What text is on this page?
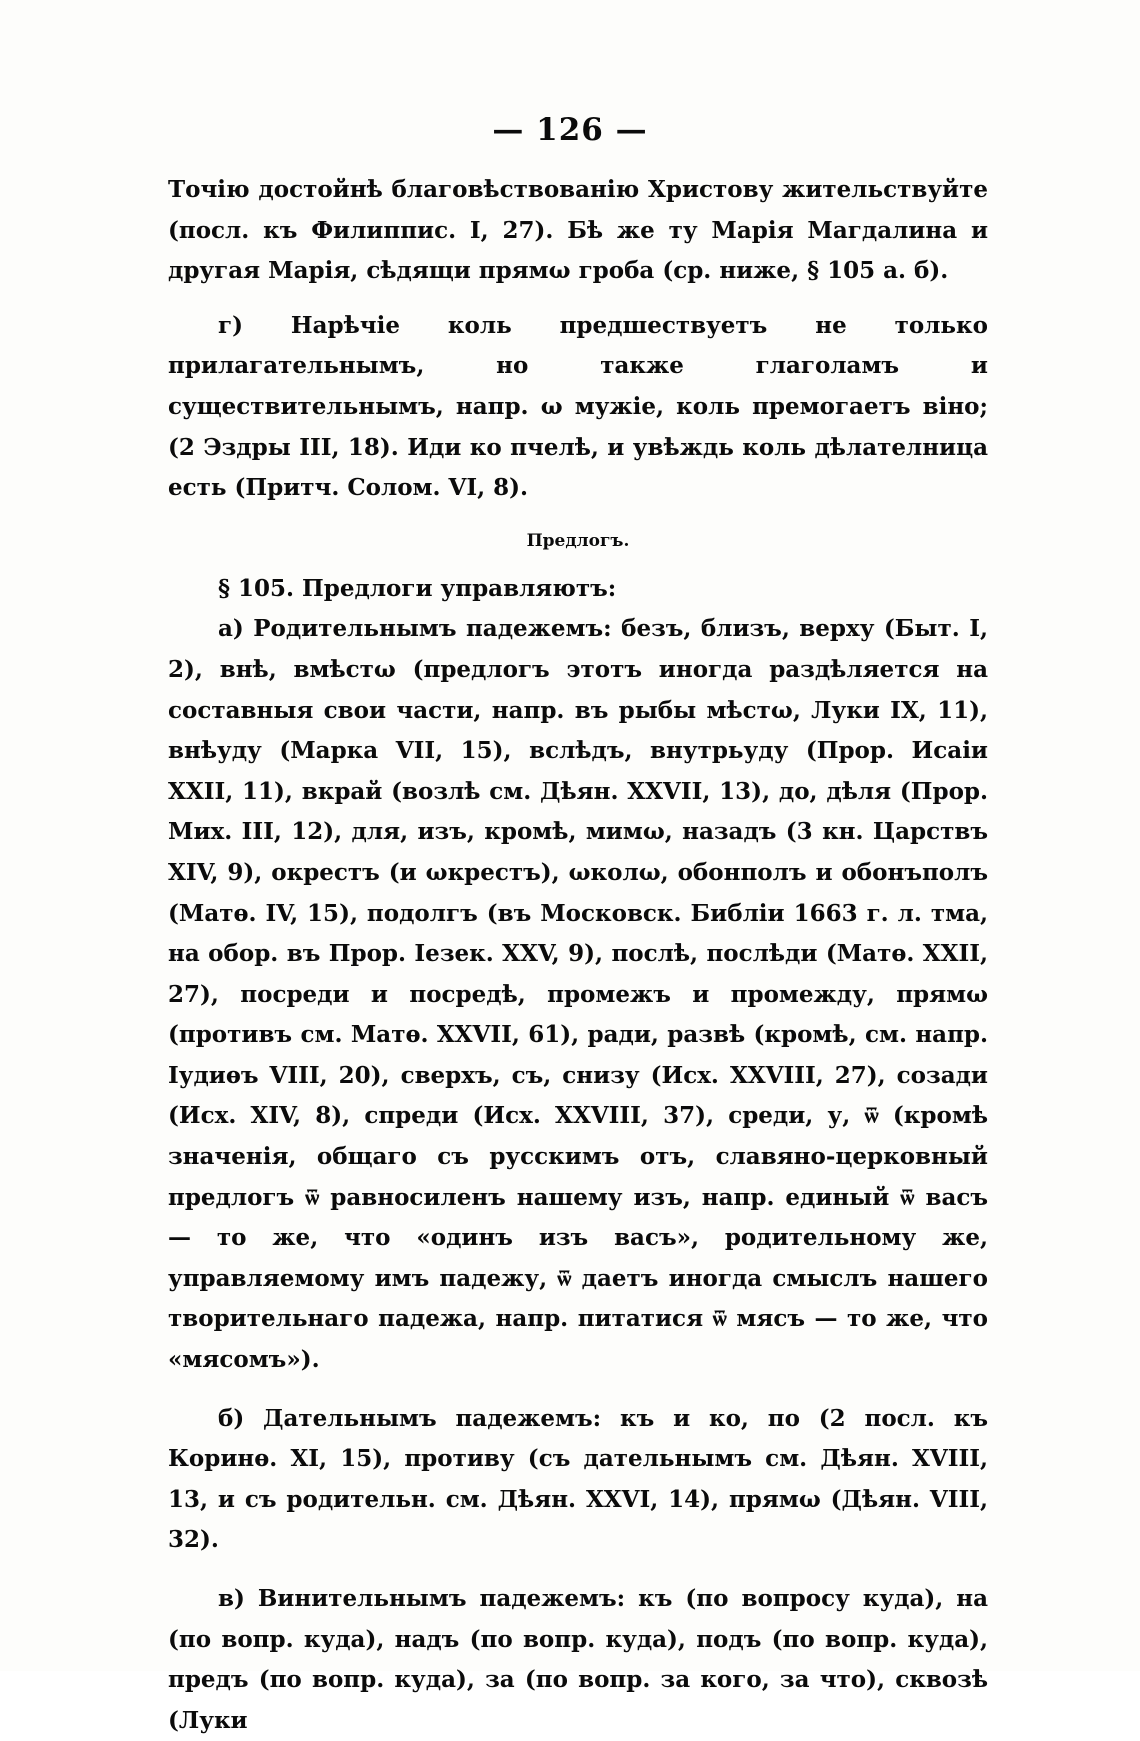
— 126 —

Точію достойнѣ благовѣствованію Христову жительствуйте (посл. къ Филиппис. I, 27). Бѣ же ту Марія Магдалина и другая Марія, сѣдящи прямω гроба (ср. ниже, § 105 а. б).

г) Нарѣчіе коль предшествуетъ не только прилагательнымъ, но также глаголамъ и существительнымъ, напр. ω мужіе, коль премогаетъ віно; (2 Эздры III, 18). Иди ко пчелѣ, и увѣждь коль дѣлателница есть (Притч. Солом. VI, 8).

Предлогъ.

§ 105. Предлоги управляютъ:

а) Родительнымъ падежемъ: безъ, близъ, верху (Быт. I, 2), внѣ, вмѣстω (предлогъ этотъ иногда раздѣляется на составныя свои части, напр. въ рыбы мѣстω, Луки IX, 11), внѣуду (Марка VII, 15), вслѣдъ, внутрьуду (Прор. Исаіи XXII, 11), вкрай (возлѣ см. Дѣян. XXVII, 13), до, дѣля (Прор. Мих. III, 12), для, изъ, кромѣ, мимω, назадъ (3 кн. Царствъ XIV, 9), окрестъ (и ωкрестъ), ωколω, обонполъ и обонъполъ (Матѳ. IV, 15), подолгъ (въ Московск. Библіи 1663 г. л. тма, на обор. въ Прор. Іезек. XXV, 9), послѣ, послѣди (Матѳ. XXII, 27), посреди и посредѣ, промежъ и промежду, прямω (противъ см. Матѳ. XXVII, 61), ради, развѣ (кромѣ, см. напр. Іудиѳъ VIII, 20), сверхъ, съ, снизу (Исх. XXVIII, 27), созади (Исх. XIV, 8), спреди (Исх. XXVIII, 37), среди, у, ѿ (кромѣ значенія, общаго съ русскимъ отъ, славяно-церковный предлогъ ѿ равносиленъ нашему изъ, напр. единый ѿ васъ — то же, что «одинъ изъ васъ», родительному же, управляемому имъ падежу, ѿ даетъ иногда смыслъ нашего творительнаго падежа, напр. питатися ѿ мясъ — то же, что «мясомъ»).

б) Дательнымъ падежемъ: къ и ко, по (2 посл. къ Коринѳ. XI, 15), противу (съ дательнымъ см. Дѣян. XVIII, 13, и съ родительн. см. Дѣян. XXVI, 14), прямω (Дѣян. VIII, 32).

в) Винительнымъ падежемъ: къ (по вопросу куда), на (по вопр. куда), надъ (по вопр. куда), подъ (по вопр. куда), предъ (по вопр. куда), за (по вопр. за кого, за что), сквозѣ (Луки
